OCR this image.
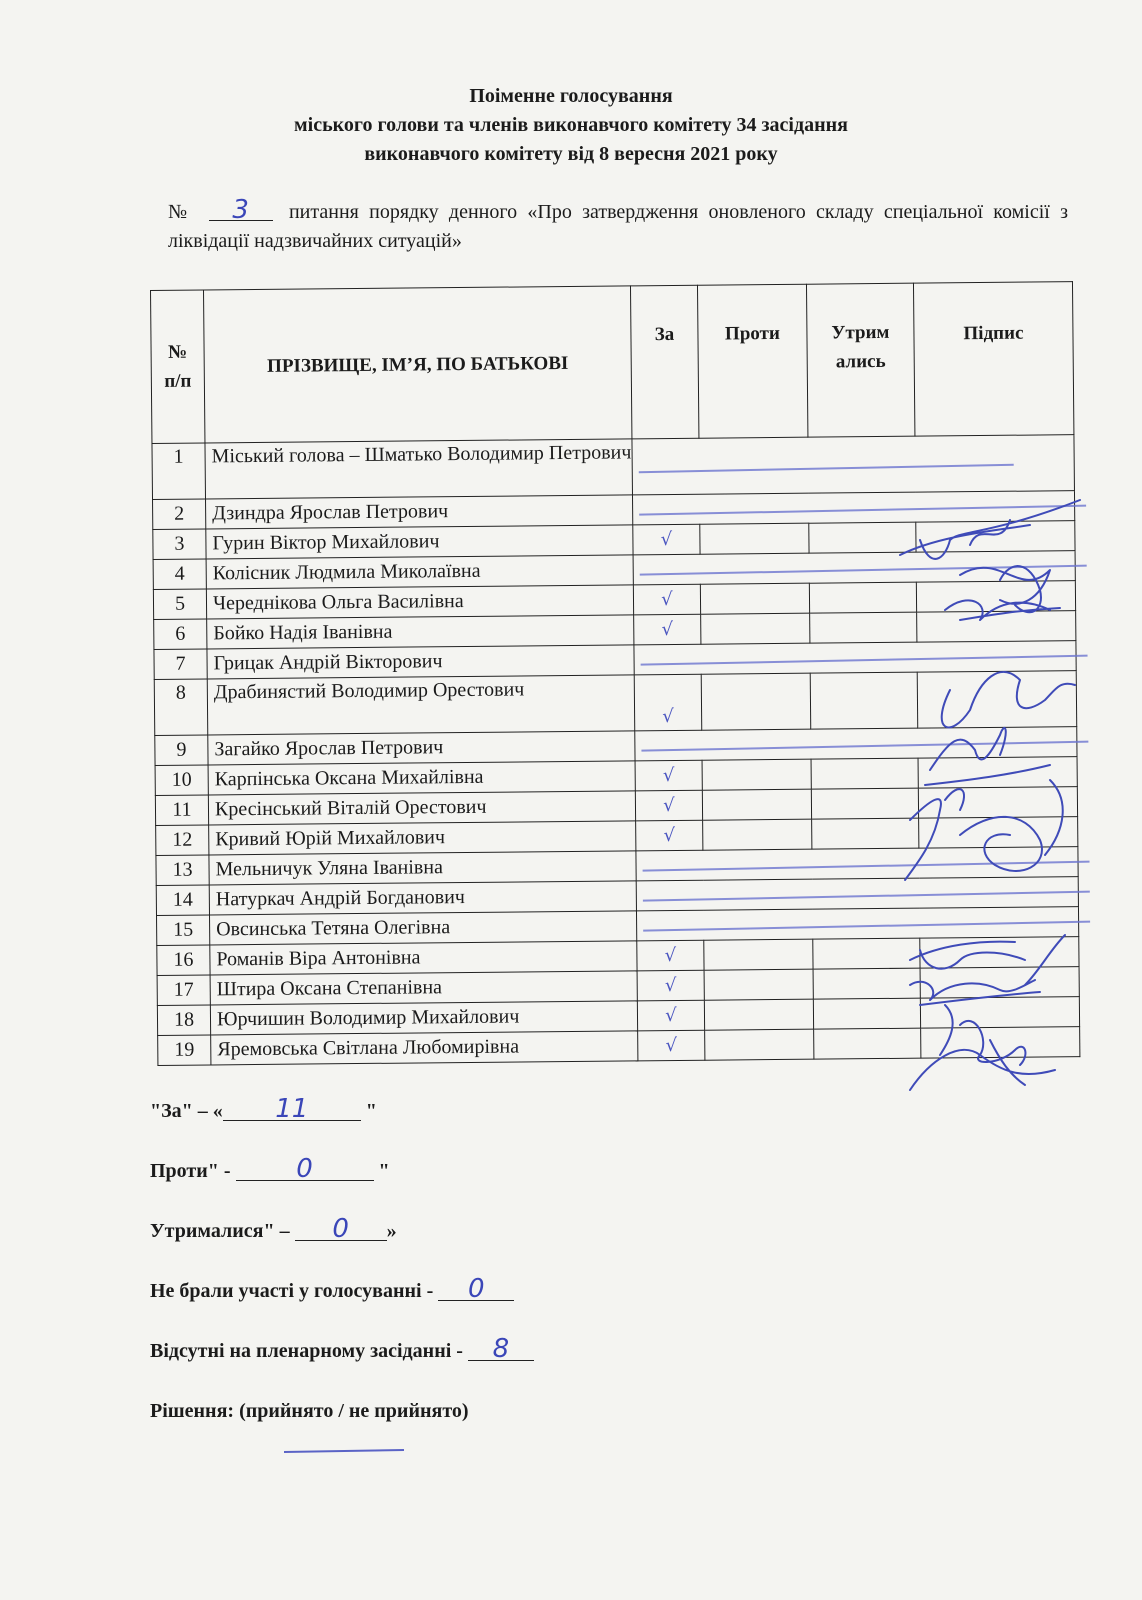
Поіменне голосування
міського голови та членів виконавчого комітету 34 засідання
виконавчого комітету від 8 вересня 2021 року
№ 3 питання порядку денного «Про затвердження оновленого складу спеціальної комісії з ліквідації надзвичайних ситуацій»
№ п/п	ПРІЗВИЩЕ, ІМ’Я, ПО БАТЬКОВІ	За	Проти	Утрим ались	Підпис
1	Міський голова – Шматько Володимир Петрович				

2	Дзиндра Ярослав Петрович				

3	Гурин Віктор Михайлович	√			
4	Колісник Людмила Миколаївна				

5	Череднікова Ольга Василівна	√			
6	Бойко Надія Іванівна	√			
7	Грицак Андрій Вікторович				

8	Драбинястий Володимир Орестович	√			
9	Загайко Ярослав Петрович				

10	Карпінська Оксана Михайлівна	√			
11	Кресінський Віталій Орестович	√			
12	Кривий Юрій Михайлович	√			
13	Мельничук Уляна Іванівна				

14	Натуркач Андрій Богданович				

15	Овсинська Тетяна Олегівна				

16	Романів Віра Антонівна	√			
17	Штира Оксана Степанівна	√			
18	Юрчишин Володимир Михайлович	√			
19	Яремовська Світлана Любомирівна	√			
"За" – « 11	"
Проти" - 0	"
Утрималися" – 0 »
Не брали участі у голосуванні - 0
Відсутні на пленарному засіданні - 8
Рішення: (прийнято / не прийнято)
